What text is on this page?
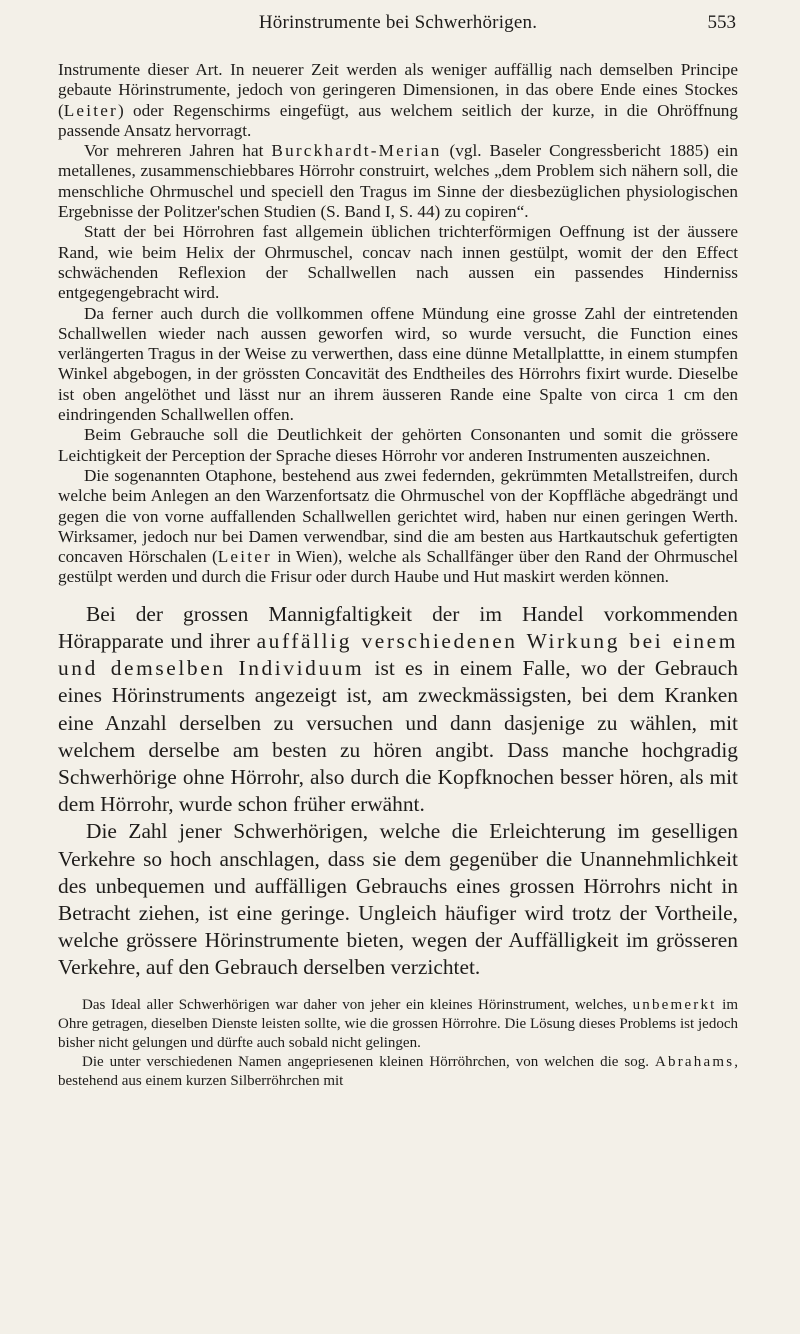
Hörinstrumente bei Schwerhörigen.	553

Instrumente dieser Art. In neuerer Zeit werden als weniger auffällig nach demselben Principe gebaute Hörinstrumente, jedoch von geringeren Dimensionen, in das obere Ende eines Stockes (Leiter) oder Regenschirms eingefügt, aus welchem seitlich der kurze, in die Ohröffnung passende Ansatz hervorragt.

Vor mehreren Jahren hat Burckhardt-Merian (vgl. Baseler Congressbericht 1885) ein metallenes, zusammenschiebbares Hörrohr construirt, welches „dem Problem sich nähern soll, die menschliche Ohrmuschel und speciell den Tragus im Sinne der diesbezüglichen physiologischen Ergebnisse der Politzer'schen Studien (S. Band I, S. 44) zu copiren“.

Statt der bei Hörrohren fast allgemein üblichen trichterförmigen Oeffnung ist der äussere Rand, wie beim Helix der Ohrmuschel, concav nach innen gestülpt, womit der den Effect schwächenden Reflexion der Schallwellen nach aussen ein passendes Hinderniss entgegengebracht wird.

Da ferner auch durch die vollkommen offene Mündung eine grosse Zahl der eintretenden Schallwellen wieder nach aussen geworfen wird, so wurde versucht, die Function eines verlängerten Tragus in der Weise zu verwerthen, dass eine dünne Metallplattte, in einem stumpfen Winkel abgebogen, in der grössten Concavität des Endtheiles des Hörrohrs fixirt wurde. Dieselbe ist oben angelöthet und lässt nur an ihrem äusseren Rande eine Spalte von circa 1 cm den eindringenden Schallwellen offen.

Beim Gebrauche soll die Deutlichkeit der gehörten Consonanten und somit die grössere Leichtigkeit der Perception der Sprache dieses Hörrohr vor anderen Instrumenten auszeichnen.

Die sogenannten Otaphone, bestehend aus zwei federnden, gekrümmten Metallstreifen, durch welche beim Anlegen an den Warzenfortsatz die Ohrmuschel von der Kopffläche abgedrängt und gegen die von vorne auffallenden Schallwellen gerichtet wird, haben nur einen geringen Werth. Wirksamer, jedoch nur bei Damen verwendbar, sind die am besten aus Hartkautschuk gefertigten concaven Hörschalen (Leiter in Wien), welche als Schallfänger über den Rand der Ohrmuschel gestülpt werden und durch die Frisur oder durch Haube und Hut maskirt werden können.

Bei der grossen Mannigfaltigkeit der im Handel vorkommenden Hörapparate und ihrer auffällig verschiedenen Wirkung bei einem und demselben Individuum ist es in einem Falle, wo der Gebrauch eines Hörinstruments angezeigt ist, am zweckmässigsten, bei dem Kranken eine Anzahl derselben zu versuchen und dann dasjenige zu wählen, mit welchem derselbe am besten zu hören angibt. Dass manche hochgradig Schwerhörige ohne Hörrohr, also durch die Kopfknochen besser hören, als mit dem Hörrohr, wurde schon früher erwähnt.

Die Zahl jener Schwerhörigen, welche die Erleichterung im geselligen Verkehre so hoch anschlagen, dass sie dem gegenüber die Unannehmlichkeit des unbequemen und auffälligen Gebrauchs eines grossen Hörrohrs nicht in Betracht ziehen, ist eine geringe. Ungleich häufiger wird trotz der Vortheile, welche grössere Hörinstrumente bieten, wegen der Auffälligkeit im grösseren Verkehre, auf den Gebrauch derselben verzichtet.

Das Ideal aller Schwerhörigen war daher von jeher ein kleines Hörinstrument, welches, unbemerkt im Ohre getragen, dieselben Dienste leisten sollte, wie die grossen Hörrohre. Die Lösung dieses Problems ist jedoch bisher nicht gelungen und dürfte auch sobald nicht gelingen.

Die unter verschiedenen Namen angepriesenen kleinen Hörröhrchen, von welchen die sog. Abrahams, bestehend aus einem kurzen Silberröhrchen mit
